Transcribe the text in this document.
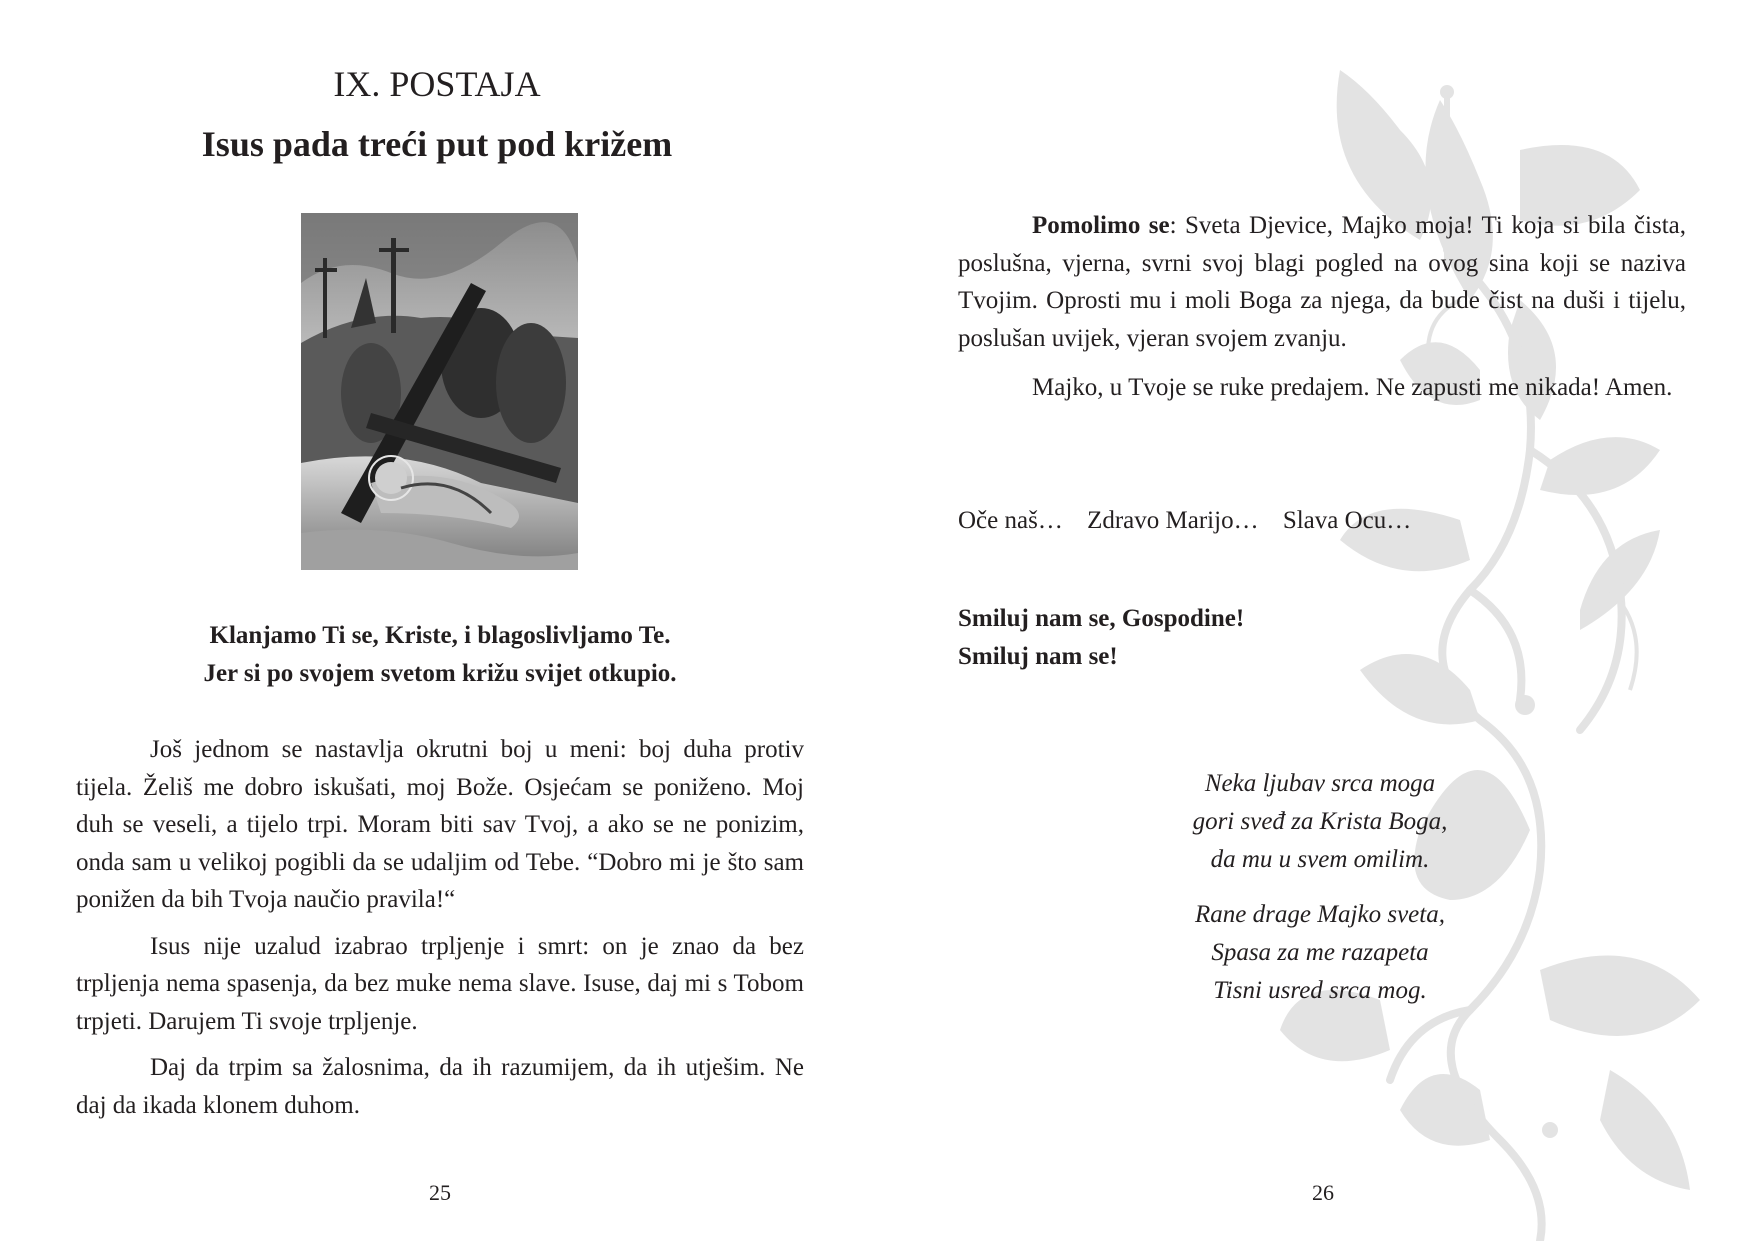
IX. POSTAJA
Isus pada treći put pod križem
Klanjamo Ti se, Kriste, i blagoslivljamo Te.
Jer si po svojem svetom križu svijet otkupio.

Još jednom se nastavlja okrutni boj u meni: boj duha protiv tijela. Želiš me dobro iskušati, moj Bože. Osjećam se poniženo. Moj duh se veseli, a tijelo trpi. Moram biti sav Tvoj, a ako se ne ponizim, onda sam u velikoj pogibli da se udaljim od Tebe. “Dobro mi je što sam ponižen da bih Tvoja naučio pravila!“

Isus nije uzalud izabrao trpljenje i smrt: on je znao da bez trpljenja nema spasenja, da bez muke nema slave. Isuse, daj mi s Tobom trpjeti. Darujem Ti svoje trpljenje.

Daj da trpim sa žalosnima, da ih razumijem, da ih utješim. Ne daj da ikada klonem duhom.

25

Pomolimo se: Sveta Djevice, Majko moja! Ti koja si bila čista, poslušna, vjerna, svrni svoj blagi pogled na ovog sina koji se naziva Tvojim. Oprosti mu i moli Boga za njega, da bude čist na duši i tijelu, poslušan uvijek, vjeran svojem zvanju.

Majko, u Tvoje se ruke predajem. Ne zapusti me nikada! Amen.

Oče naš… Zdravo Marijo… Slava Ocu…
Smiluj nam se, Gospodine!
Smiluj nam se!
Neka ljubav srca moga
gori svеđ za Krista Boga,
da mu u svem omilim.
Rane drage Majko sveta,
Spasa za me razapeta
Tisni usred srca mog.
26
